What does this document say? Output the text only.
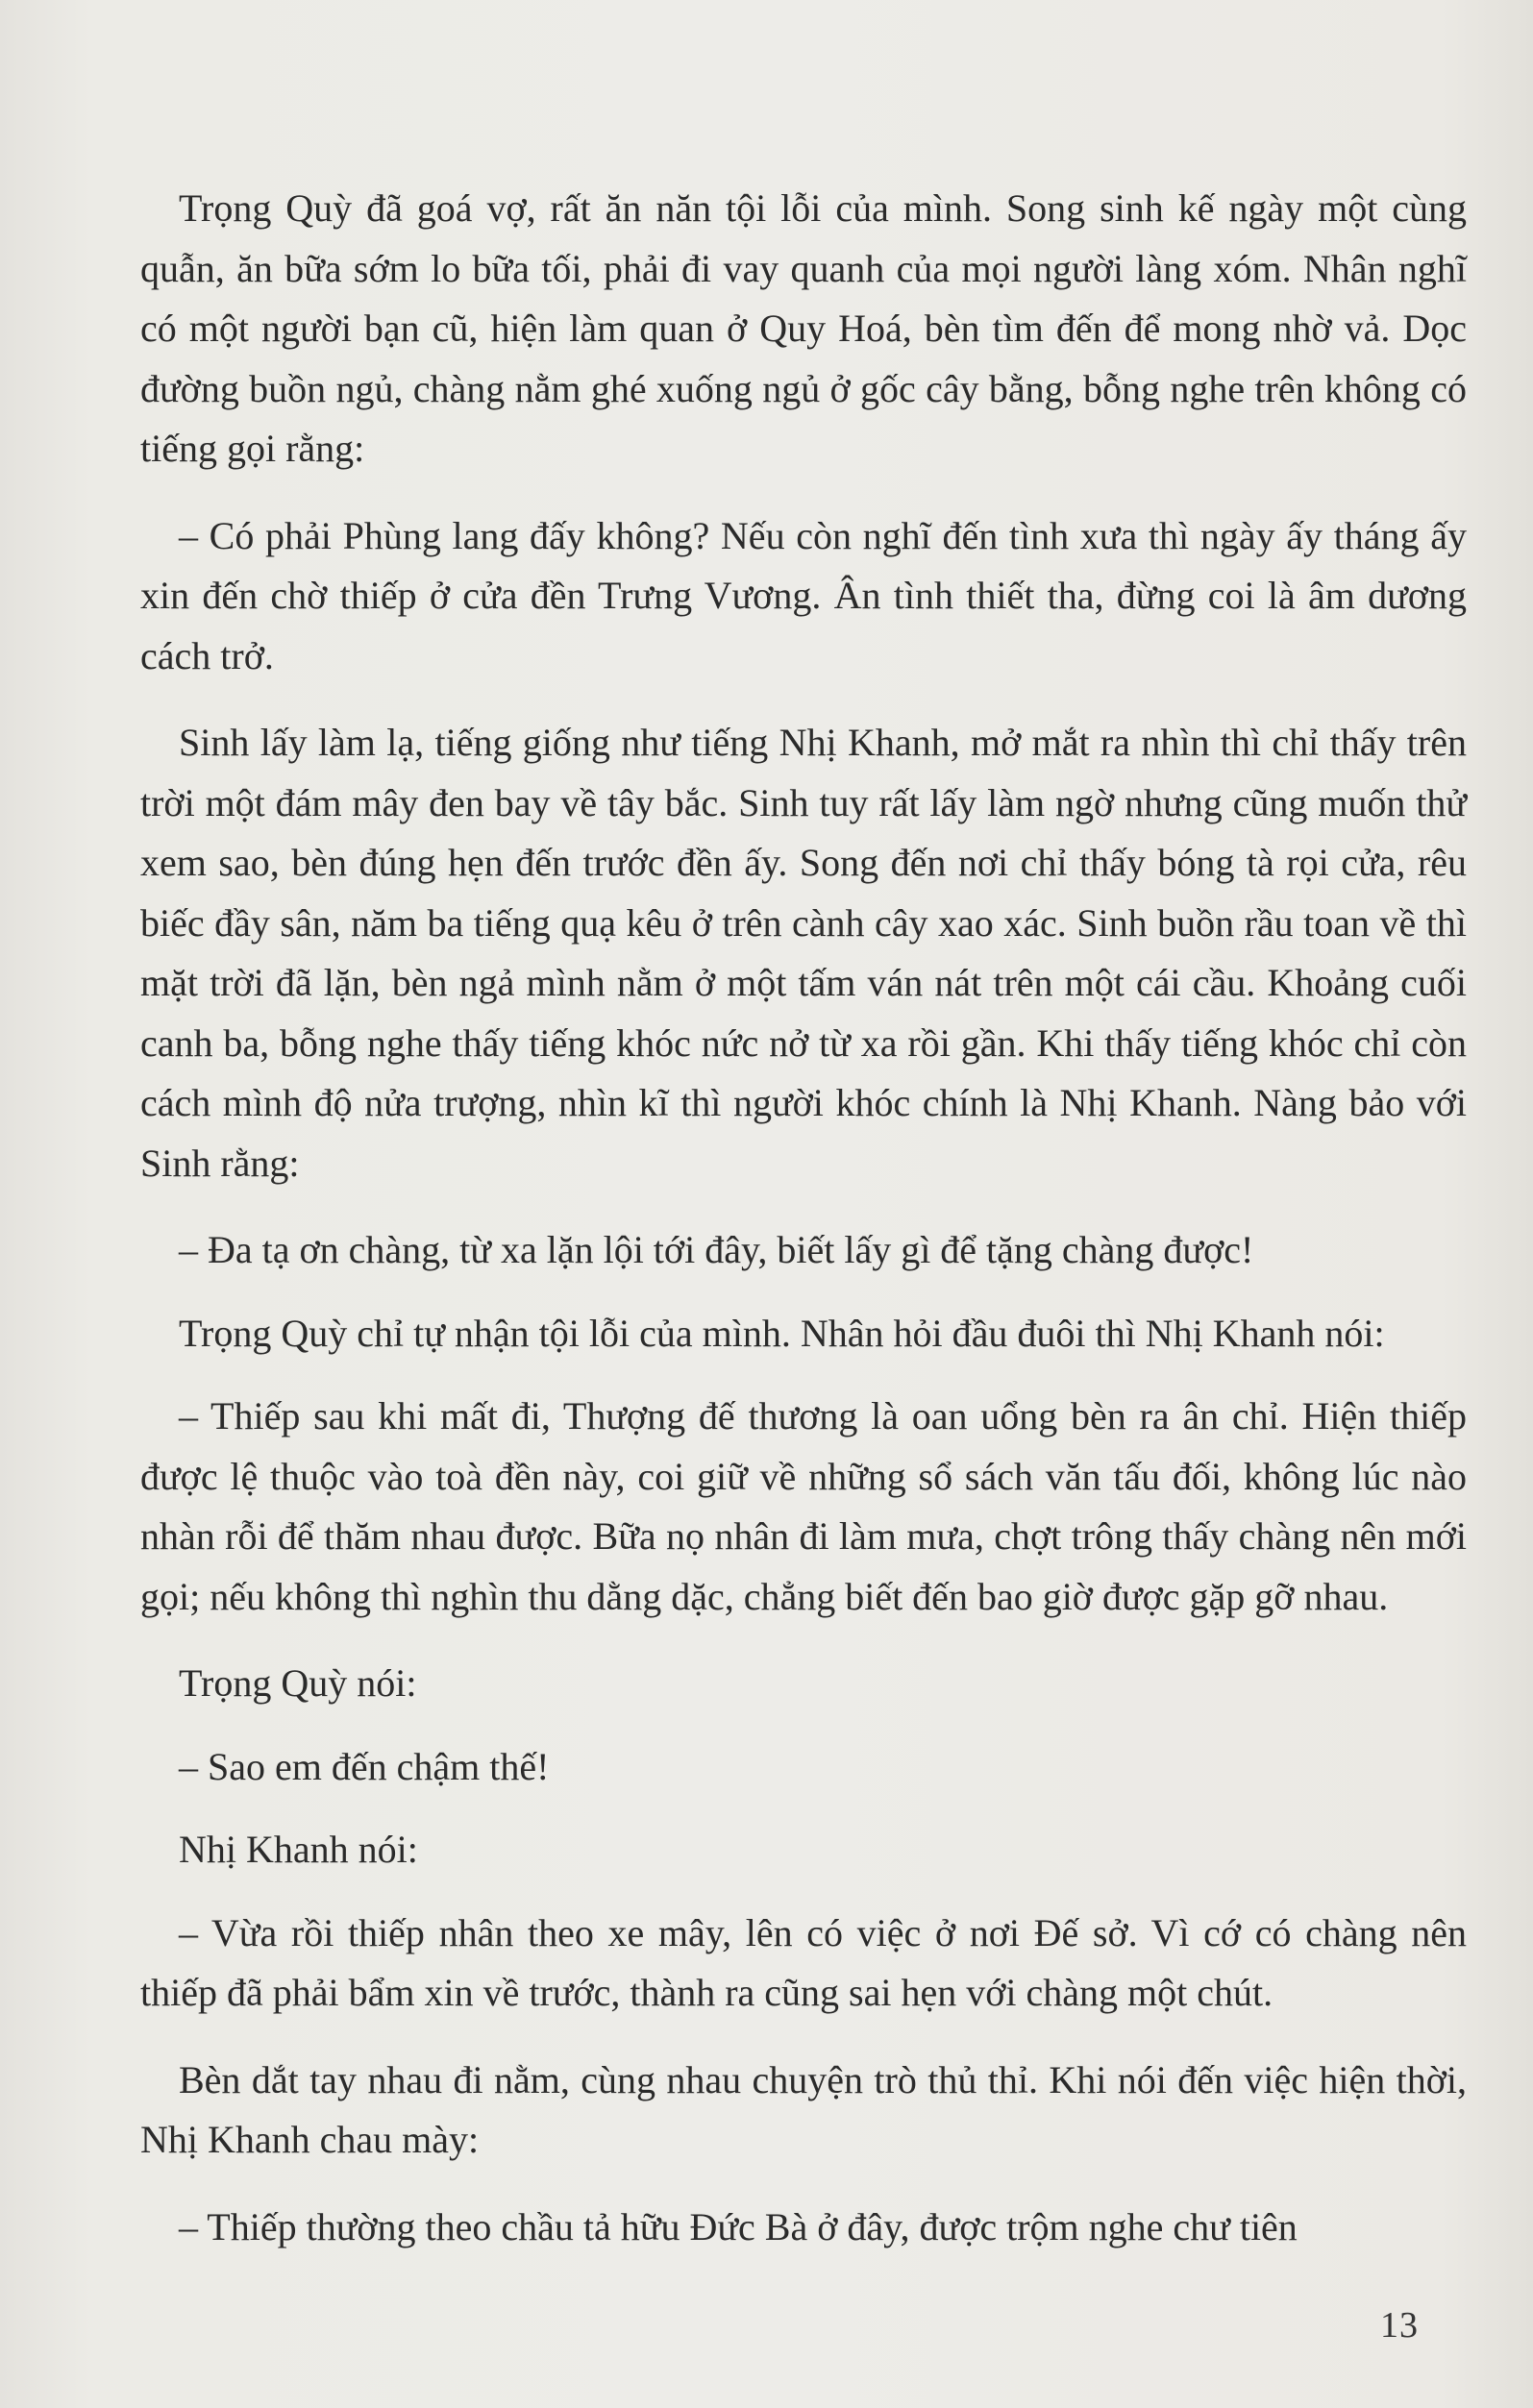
Trọng Quỳ đã goá vợ, rất ăn năn tội lỗi của mình. Song sinh kế ngày một cùng quẫn, ăn bữa sớm lo bữa tối, phải đi vay quanh của mọi người làng xóm. Nhân nghĩ có một người bạn cũ, hiện làm quan ở Quy Hoá, bèn tìm đến để mong nhờ vả. Dọc đường buồn ngủ, chàng nằm ghé xuống ngủ ở gốc cây bằng, bỗng nghe trên không có tiếng gọi rằng:

– Có phải Phùng lang đấy không? Nếu còn nghĩ đến tình xưa thì ngày ấy tháng ấy xin đến chờ thiếp ở cửa đền Trưng Vương. Ân tình thiết tha, đừng coi là âm dương cách trở.

Sinh lấy làm lạ, tiếng giống như tiếng Nhị Khanh, mở mắt ra nhìn thì chỉ thấy trên trời một đám mây đen bay về tây bắc. Sinh tuy rất lấy làm ngờ nhưng cũng muốn thử xem sao, bèn đúng hẹn đến trước đền ấy. Song đến nơi chỉ thấy bóng tà rọi cửa, rêu biếc đầy sân, năm ba tiếng quạ kêu ở trên cành cây xao xác. Sinh buồn rầu toan về thì mặt trời đã lặn, bèn ngả mình nằm ở một tấm ván nát trên một cái cầu. Khoảng cuối canh ba, bỗng nghe thấy tiếng khóc nức nở từ xa rồi gần. Khi thấy tiếng khóc chỉ còn cách mình độ nửa trượng, nhìn kĩ thì người khóc chính là Nhị Khanh. Nàng bảo với Sinh rằng:

– Đa tạ ơn chàng, từ xa lặn lội tới đây, biết lấy gì để tặng chàng được!

Trọng Quỳ chỉ tự nhận tội lỗi của mình. Nhân hỏi đầu đuôi thì Nhị Khanh nói:

– Thiếp sau khi mất đi, Thượng đế thương là oan uổng bèn ra ân chỉ. Hiện thiếp được lệ thuộc vào toà đền này, coi giữ về những sổ sách văn tấu đối, không lúc nào nhàn rỗi để thăm nhau được. Bữa nọ nhân đi làm mưa, chợt trông thấy chàng nên mới gọi; nếu không thì nghìn thu dằng dặc, chẳng biết đến bao giờ được gặp gỡ nhau.

Trọng Quỳ nói:

– Sao em đến chậm thế!

Nhị Khanh nói:

– Vừa rồi thiếp nhân theo xe mây, lên có việc ở nơi Đế sở. Vì cớ có chàng nên thiếp đã phải bẩm xin về trước, thành ra cũng sai hẹn với chàng một chút.

Bèn dắt tay nhau đi nằm, cùng nhau chuyện trò thủ thỉ. Khi nói đến việc hiện thời, Nhị Khanh chau mày:

– Thiếp thường theo chầu tả hữu Đức Bà ở đây, được trộm nghe chư tiên

13
